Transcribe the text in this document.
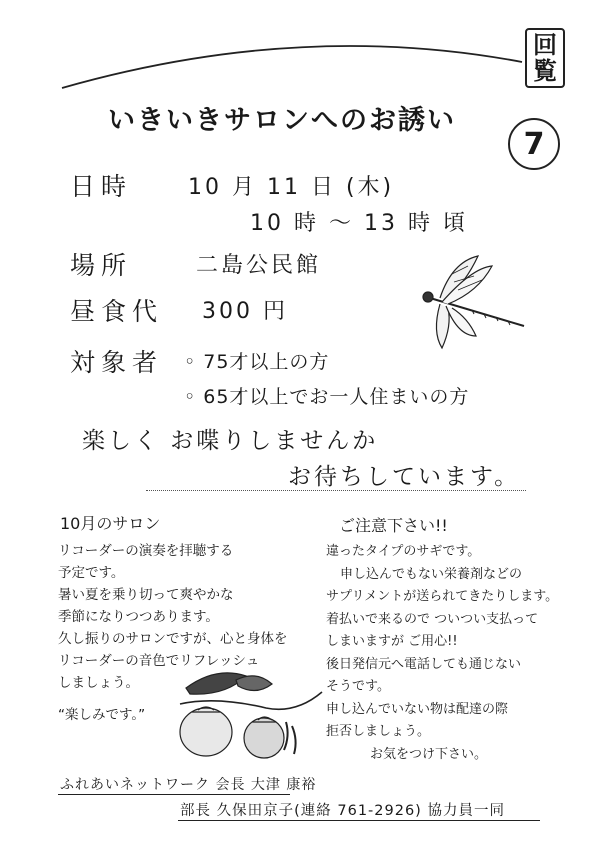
回
覧
7
いきいきサロンへのお誘い
日時	10 月 11 日 (木)
10 時 ～ 13 時 頃
場所	二島公民館
昼食代 300 円
対象者 ◦ 75才以上の方
◦ 65才以上でお一人住まいの方
楽しく お喋りしませんか
お待ちしています。
10月のサロン
リコーダーの演奏を拝聴する
予定です。
暑い夏を乗り切って爽やかな
季節になりつつあります。
久し振りのサロンですが、心と身体を
リコーダーの音色でリフレッシュ
しましょう。
“楽しみです。”
ご注意下さい!!
違ったタイプのサギです。
申し込んでもない栄養剤などの
サプリメントが送られてきたりします。
着払いで来るので ついつい支払って
しまいますが ご用心!!
後日発信元へ電話しても通じない
そうです。
申し込んでいない物は配達の際
拒否しましょう。
お気をつけ下さい。
ふれあいネットワーク 会長 大津 康裕
部長 久保田京子(連絡 761-2926) 協力員一同
